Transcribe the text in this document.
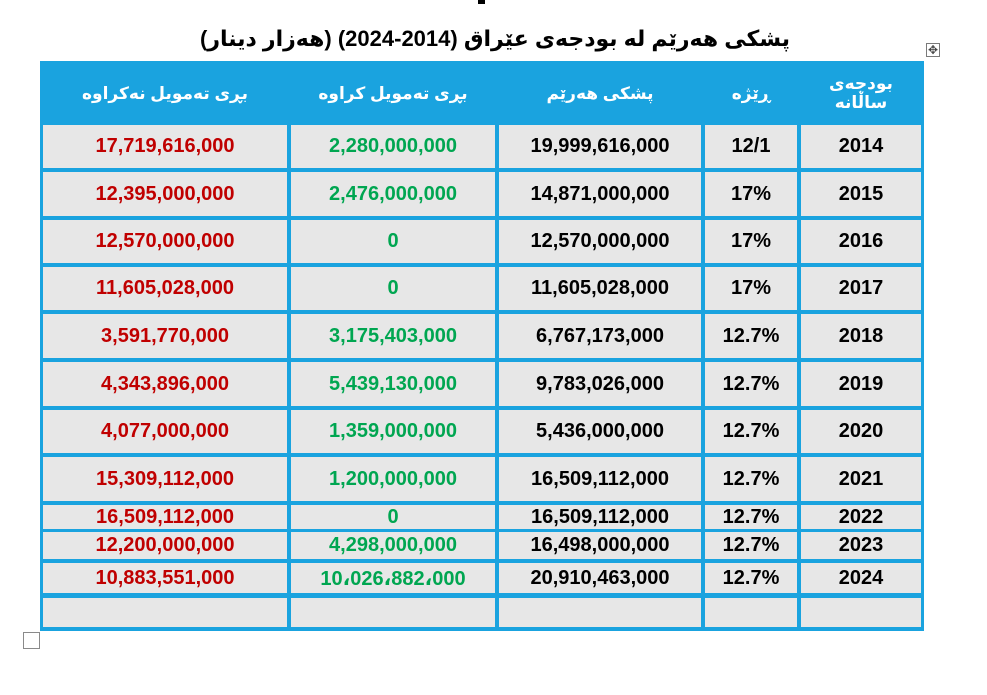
پشکی هەرێم لە بودجەی عێراق (2014-2024) (هەزار دینار)	✥
بڕی تەمویل نەکراوە	بڕی تەمویل کراوە	پشکی هەرێم	ڕێژە	بودجەی ساڵانە
17,719,616,000	2,280,000,000	19,999,616,000	12/1	2014
12,395,000,000	2,476,000,000	14,871,000,000	17%	2015
12,570,000,000	0	12,570,000,000	17%	2016
11,605,028,000	0	11,605,028,000	17%	2017
3,591,770,000	3,175,403,000	6,767,173,000	12.7%	2018
4,343,896,000	5,439,130,000	9,783,026,000	12.7%	2019
4,077,000,000	1,359,000,000	5,436,000,000	12.7%	2020
15,309,112,000	1,200,000,000	16,509,112,000	12.7%	2021
16,509,112,000	0	16,509,112,000	12.7%	2022
12,200,000,000	4,298,000,000	16,498,000,000	12.7%	2023
10,883,551,000	10،026،882،000	20,910,463,000	12.7%	2024
